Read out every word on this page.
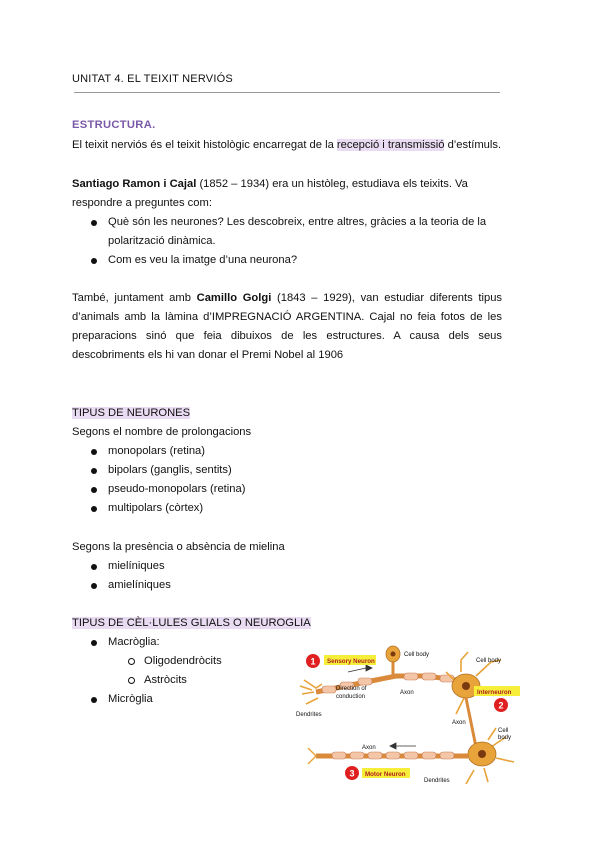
UNITAT 4. EL TEIXIT NERVIÓS
ESTRUCTURA.
El teixit nerviós és el teixit histològic encarregat de la recepció i transmissió d’estímuls.
Santiago Ramon i Cajal (1852 – 1934) era un històleg, estudiava els teixits. Va
respondre a preguntes com:
Què són les neurones? Les descobreix, entre altres, gràcies a la teoria de la
polarització dinàmica.
Com es veu la imatge d’una neurona?
També, juntament amb Camillo Golgi (1843 – 1929), van estudiar diferents tipus d’animals amb la làmina d’IMPREGNACIÓ ARGENTINA. Cajal no feia fotos de les preparacions sinó que feia dibuixos de les estructures. A causa dels seus descobriments els hi van donar el Premi Nobel al 1906
TIPUS DE NEURONES
Segons el nombre de prolongacions
monopolars (retina)
bipolars (ganglis, sentits)
pseudo-monopolars (retina)
multipolars (còrtex)
Segons la presència o absència de mielina
mielíniques
amielíniques
TIPUS DE CÈL·LULES GLIALS O NEUROGLIA
Macròglia:
Oligodendròcits
Astròcits
Micròglia
1 Sensory Neuron
Cell body
Cell body
Interneuron
2
Direction of
conduction
Axon
Dendrites
Axon
Cell
body
Axon
3 Motor Neuron
Dendrites
